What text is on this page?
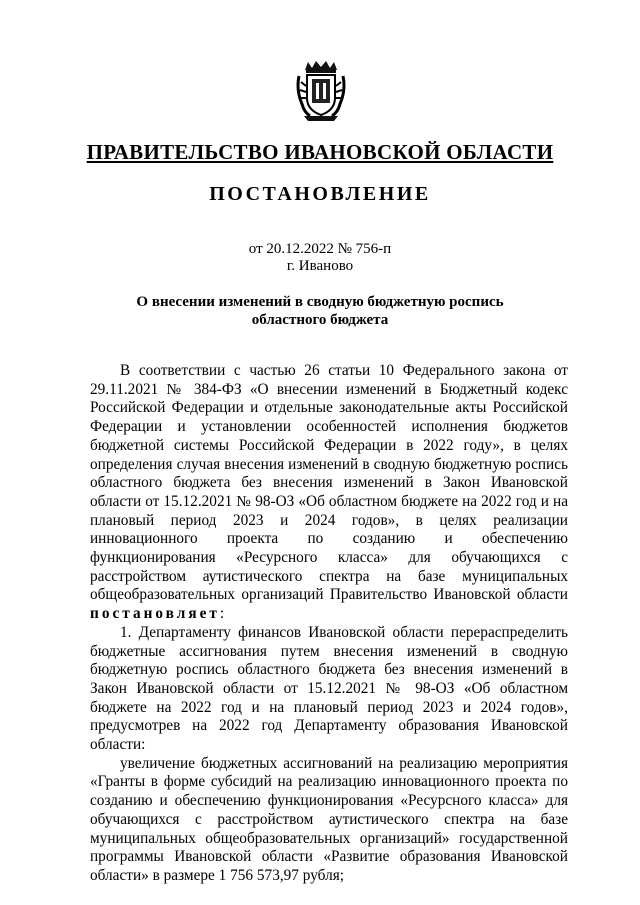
ПРАВИТЕЛЬСТВО ИВАНОВСКОЙ ОБЛАСТИ
ПОСТАНОВЛЕНИЕ
от 20.12.2022 № 756-п
г. Иваново
О внесении изменений в сводную бюджетную роспись областного бюджета

В соответствии с частью 26 статьи 10 Федерального закона от 29.11.2021 № 384-ФЗ «О внесении изменений в Бюджетный кодекс Российской Федерации и отдельные законодательные акты Российской Федерации и установлении особенностей исполнения бюджетов бюджетной системы Российской Федерации в 2022 году», в целях определения случая внесения изменений в сводную бюджетную роспись областного бюджета без внесения изменений в Закон Ивановской области от 15.12.2021 № 98-ОЗ «Об областном бюджете на 2022 год и на плановый период 2023 и 2024 годов», в целях реализации инновационного проекта по созданию и обеспечению функционирования «Ресурсного класса» для обучающихся с расстройством аутистического спектра на базе муниципальных общеобразовательных организаций Правительство Ивановской области постановляет:

1. Департаменту финансов Ивановской области перераспределить бюджетные ассигнования путем внесения изменений в сводную бюджетную роспись областного бюджета без внесения изменений в Закон Ивановской области от 15.12.2021 № 98-ОЗ «Об областном бюджете на 2022 год и на плановый период 2023 и 2024 годов», предусмотрев на 2022 год Департаменту образования Ивановской области:

увеличение бюджетных ассигнований на реализацию мероприятия «Гранты в форме субсидий на реализацию инновационного проекта по созданию и обеспечению функционирования «Ресурсного класса» для обучающихся с расстройством аутистического спектра на базе муниципальных общеобразовательных организаций» государственной программы Ивановской области «Развитие образования Ивановской области» в размере 1 756 573,97 рубля;
